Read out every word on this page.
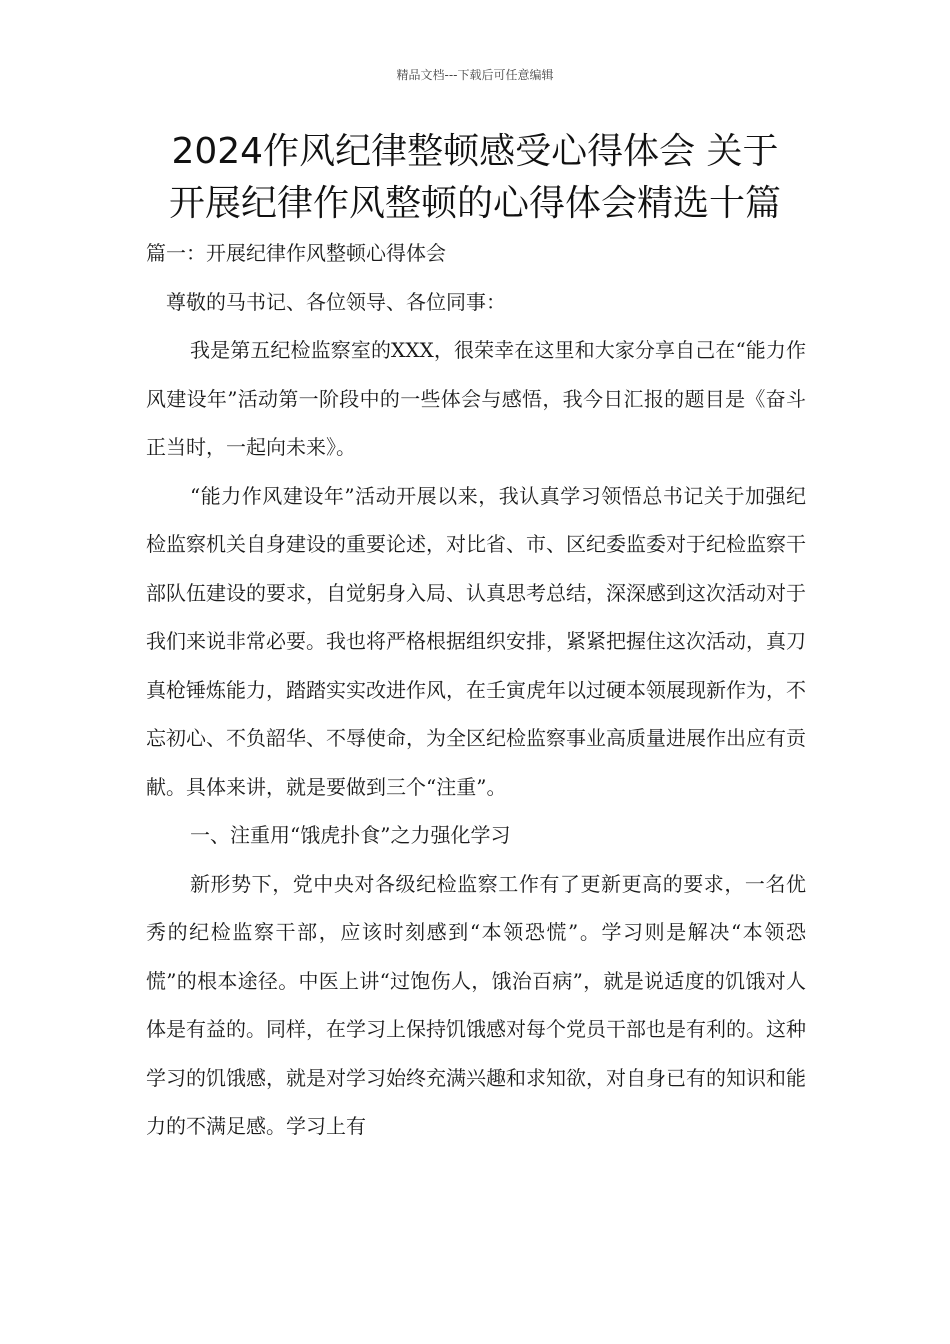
精品文档---下载后可任意编辑
2024作风纪律整顿感受心得体会 关于
开展纪律作风整顿的心得体会精选十篇

篇一：开展纪律作风整顿心得体会

尊敬的马书记、各位领导、各位同事：

我是第五纪检监察室的XXX，很荣幸在这里和大家分享自己在“能力作风建设年”活动第一阶段中的一些体会与感悟，我今日汇报的题目是《奋斗正当时，一起向未来》。

“能力作风建设年”活动开展以来，我认真学习领悟总书记关于加强纪检监察机关自身建设的重要论述，对比省、市、区纪委监委对于纪检监察干部队伍建设的要求，自觉躬身入局、认真思考总结，深深感到这次活动对于我们来说非常必要。我也将严格根据组织安排，紧紧把握住这次活动，真刀真枪锤炼能力，踏踏实实改进作风，在壬寅虎年以过硬本领展现新作为，不忘初心、不负韶华、不辱使命，为全区纪检监察事业高质量进展作出应有贡献。具体来讲，就是要做到三个“注重”。

一、注重用“饿虎扑食”之力强化学习

新形势下，党中央对各级纪检监察工作有了更新更高的要求，一名优秀的纪检监察干部，应该时刻感到“本领恐慌”。学习则是解决“本领恐慌”的根本途径。中医上讲“过饱伤人，饿治百病”，就是说适度的饥饿对人体是有益的。同样，在学习上保持饥饿感对每个党员干部也是有利的。这种学习的饥饿感，就是对学习始终充满兴趣和求知欲，对自身已有的知识和能力的不满足感。学习上有
